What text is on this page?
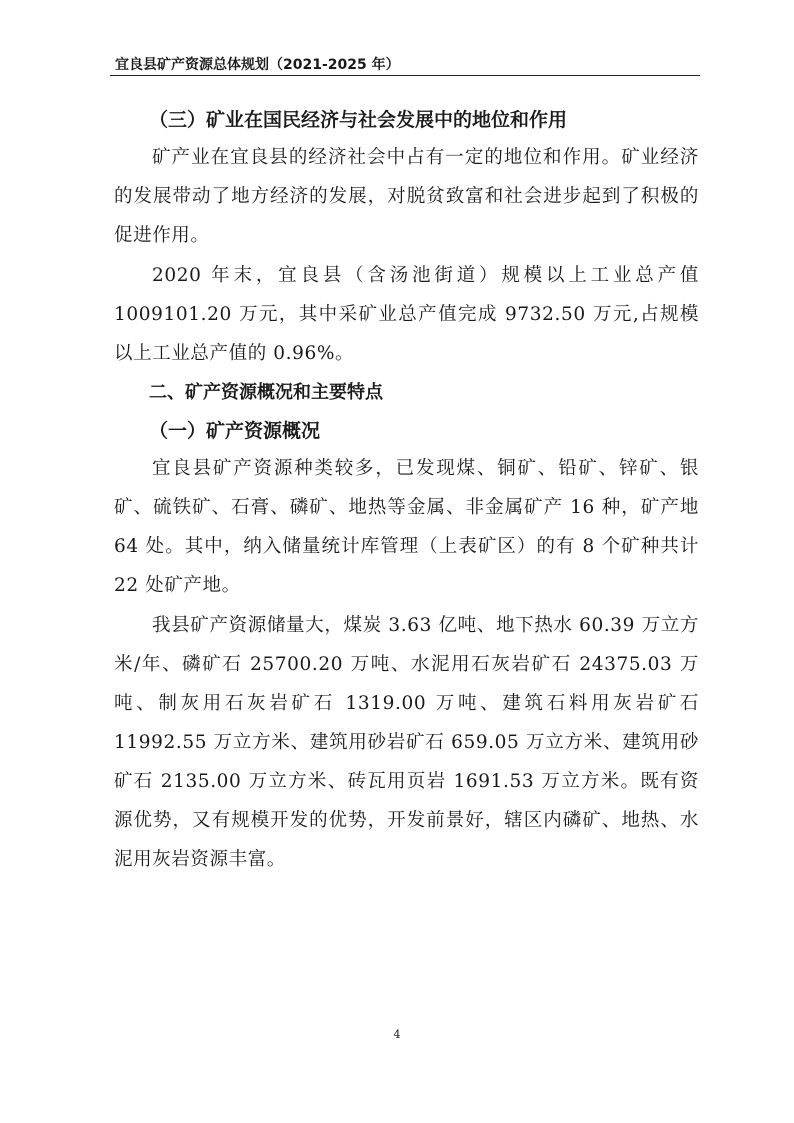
宜良县矿产资源总体规划（2021-2025 年）
（三）矿业在国民经济与社会发展中的地位和作用

矿产业在宜良县的经济社会中占有一定的地位和作用。矿业经济的发展带动了地方经济的发展，对脱贫致富和社会进步起到了积极的促进作用。

2020 年末，宜良县（含汤池街道）规模以上工业总产值 1009101.20 万元，其中采矿业总产值完成 9732.50 万元,占规模以上工业总产值的 0.96%。

二、矿产资源概况和主要特点
（一）矿产资源概况

宜良县矿产资源种类较多，已发现煤、铜矿、铅矿、锌矿、银矿、硫铁矿、石膏、磷矿、地热等金属、非金属矿产 16 种，矿产地 64 处。其中，纳入储量统计库管理（上表矿区）的有 8 个矿种共计 22 处矿产地。

我县矿产资源储量大，煤炭 3.63 亿吨、地下热水 60.39 万立方米/年、磷矿石 25700.20 万吨、水泥用石灰岩矿石 24375.03 万吨、制灰用石灰岩矿石 1319.00 万吨、建筑石料用灰岩矿石 11992.55 万立方米、建筑用砂岩矿石 659.05 万立方米、建筑用砂矿石 2135.00 万立方米、砖瓦用页岩 1691.53 万立方米。既有资源优势，又有规模开发的优势，开发前景好，辖区内磷矿、地热、水泥用灰岩资源丰富。

4
